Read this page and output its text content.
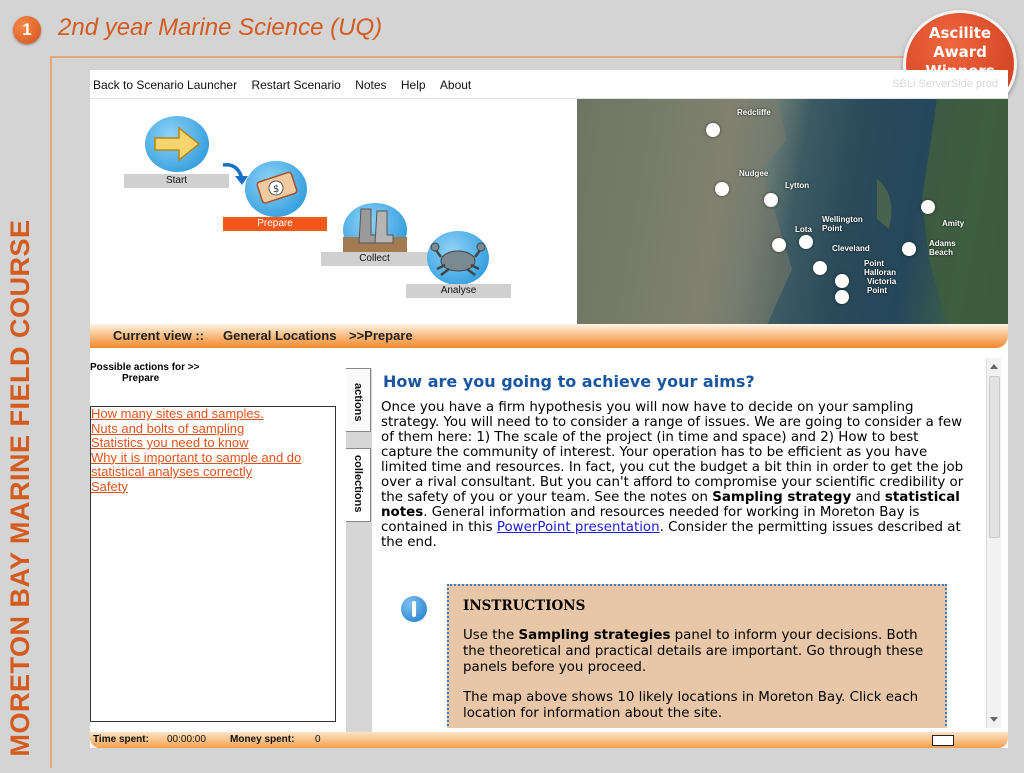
1	2nd year Marine Science (UQ)
MORETON BAY MARINE FIELD COURSE
Ascilite
Award
Back to Scenario Launcher Restart Scenario Notes Help About	SBLi ServerSide prod
Start
$
Prepare
Collect
Analyse
Redcliffe
Nudgee
Lytton
Wellington Point
Lota
Cleveland
Point Halloran
Victoria Point
Adams Beach
Amity
Current view :: General Locations >>Prepare
Possible actions for >>
Prepare
actions
collections
How many sites and samples.
Nuts and bolts of sampling
Statistics you need to know
Why it is important to sample and do statistical analyses correctly
Safety
How are you going to achieve your aims?

Once you have a firm hypothesis you will now have to decide on your sampling strategy. You will need to to consider a range of issues. We are going to consider a few of them here: 1) The scale of the project (in time and space) and 2) How to best capture the community of interest. Your operation has to be efficient as you have limited time and resources. In fact, you cut the budget a bit thin in order to get the job over a rival consultant. But you can't afford to compromise your scientific credibility or the safety of you or your team. See the notes on Sampling strategy and statistical notes. General information and resources needed for working in Moreton Bay is contained in this PowerPoint presentation. Consider the permitting issues described at the end.

INSTRUCTIONS
Use the Sampling strategies panel to inform your decisions. Both the theoretical and practical details are important. Go through these panels before you proceed.
The map above shows 10 likely locations in Moreton Bay. Click each location for information about the site.
Time spent: 00:00:00 Money spent: 0
